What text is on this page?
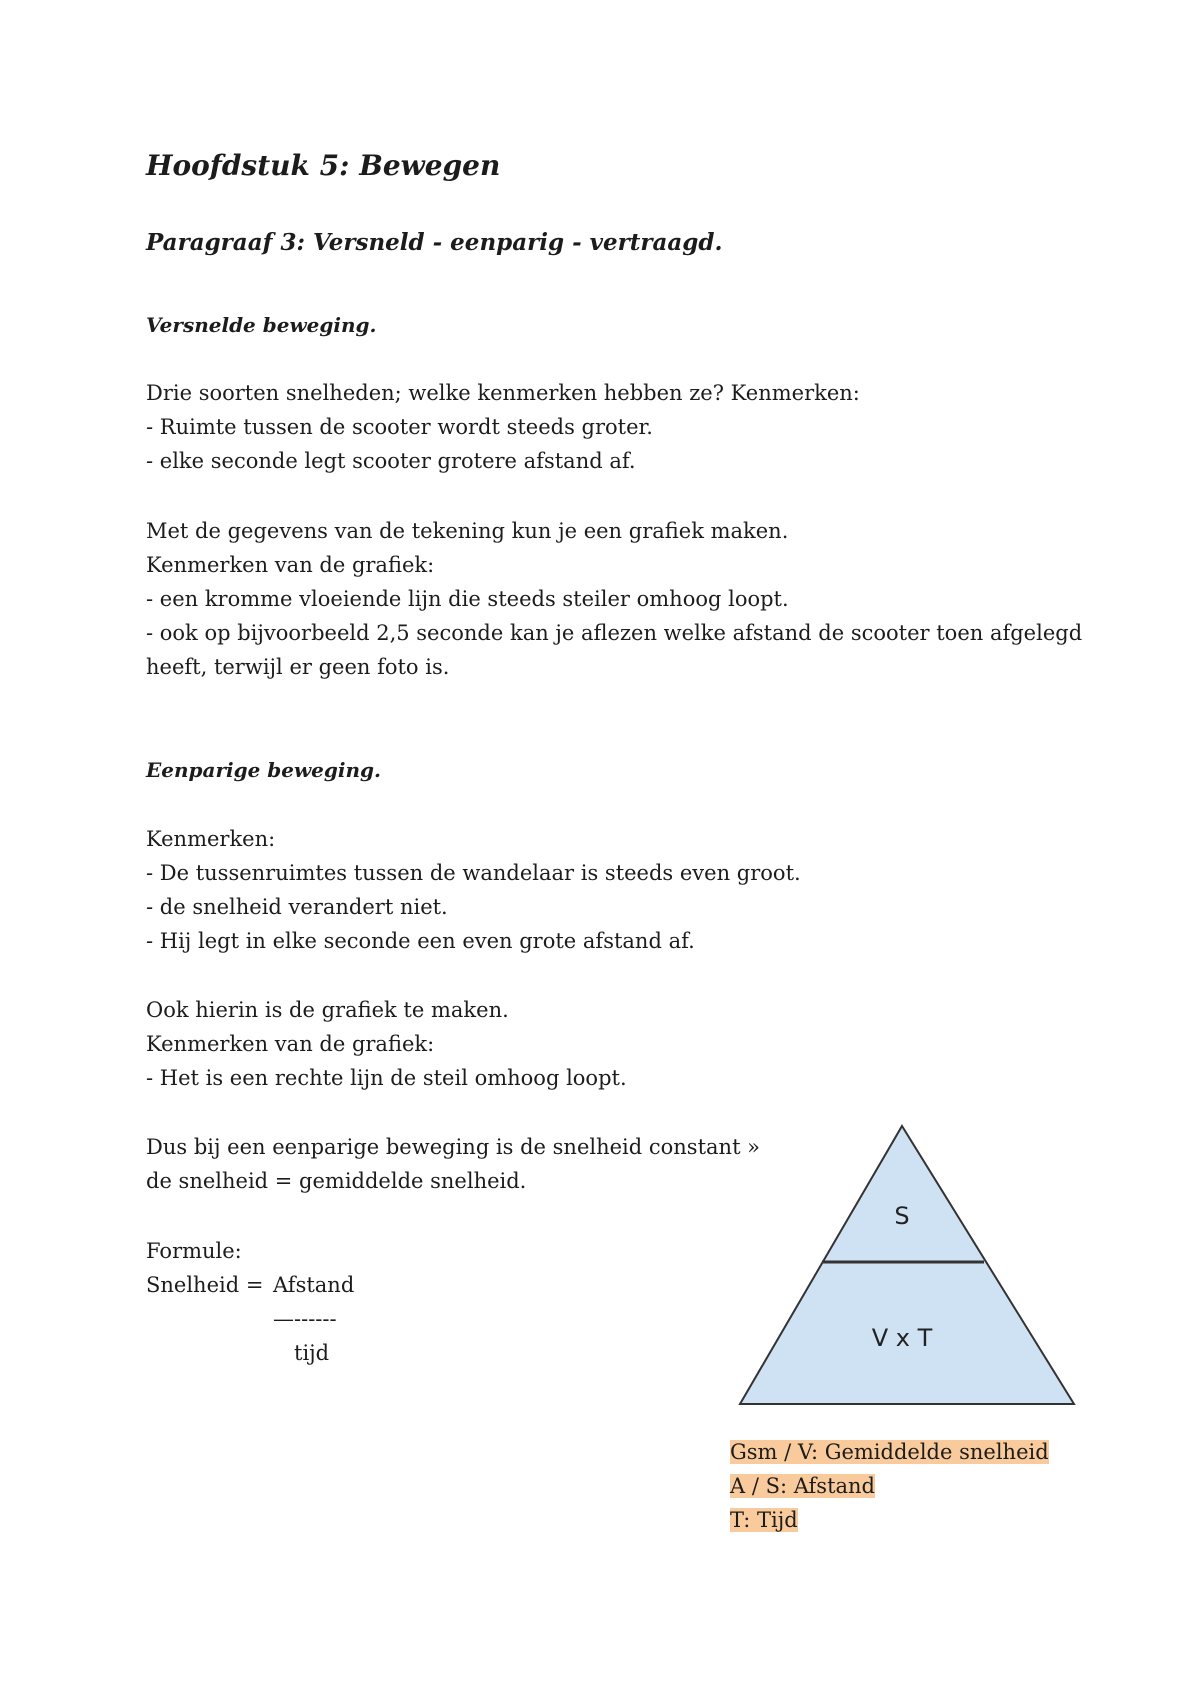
Hoofdstuk 5: Bewegen
Paragraaf 3: Versneld - eenparig - vertraagd.
Versnelde beweging.
Drie soorten snelheden; welke kenmerken hebben ze? Kenmerken:
- Ruimte tussen de scooter wordt steeds groter.
- elke seconde legt scooter grotere afstand af.
Met de gegevens van de tekening kun je een grafiek maken.
Kenmerken van de grafiek:
- een kromme vloeiende lijn die steeds steiler omhoog loopt.
- ook op bijvoorbeeld 2,5 seconde kan je aflezen welke afstand de scooter toen afgelegd
heeft, terwijl er geen foto is.
Eenparige beweging.
Kenmerken:
- De tussenruimtes tussen de wandelaar is steeds even groot.
- de snelheid verandert niet.
- Hij legt in elke seconde een even grote afstand af.
Ook hierin is de grafiek te maken.
Kenmerken van de grafiek:
- Het is een rechte lijn de steil omhoog loopt.
Dus bij een eenparige beweging is de snelheid constant »
de snelheid = gemiddelde snelheid.
Formule:
Snelheid = Afstand
—------
tijd
S
V x T
Gsm / V: Gemiddelde snelheid
A / S: Afstand
T: Tijd
